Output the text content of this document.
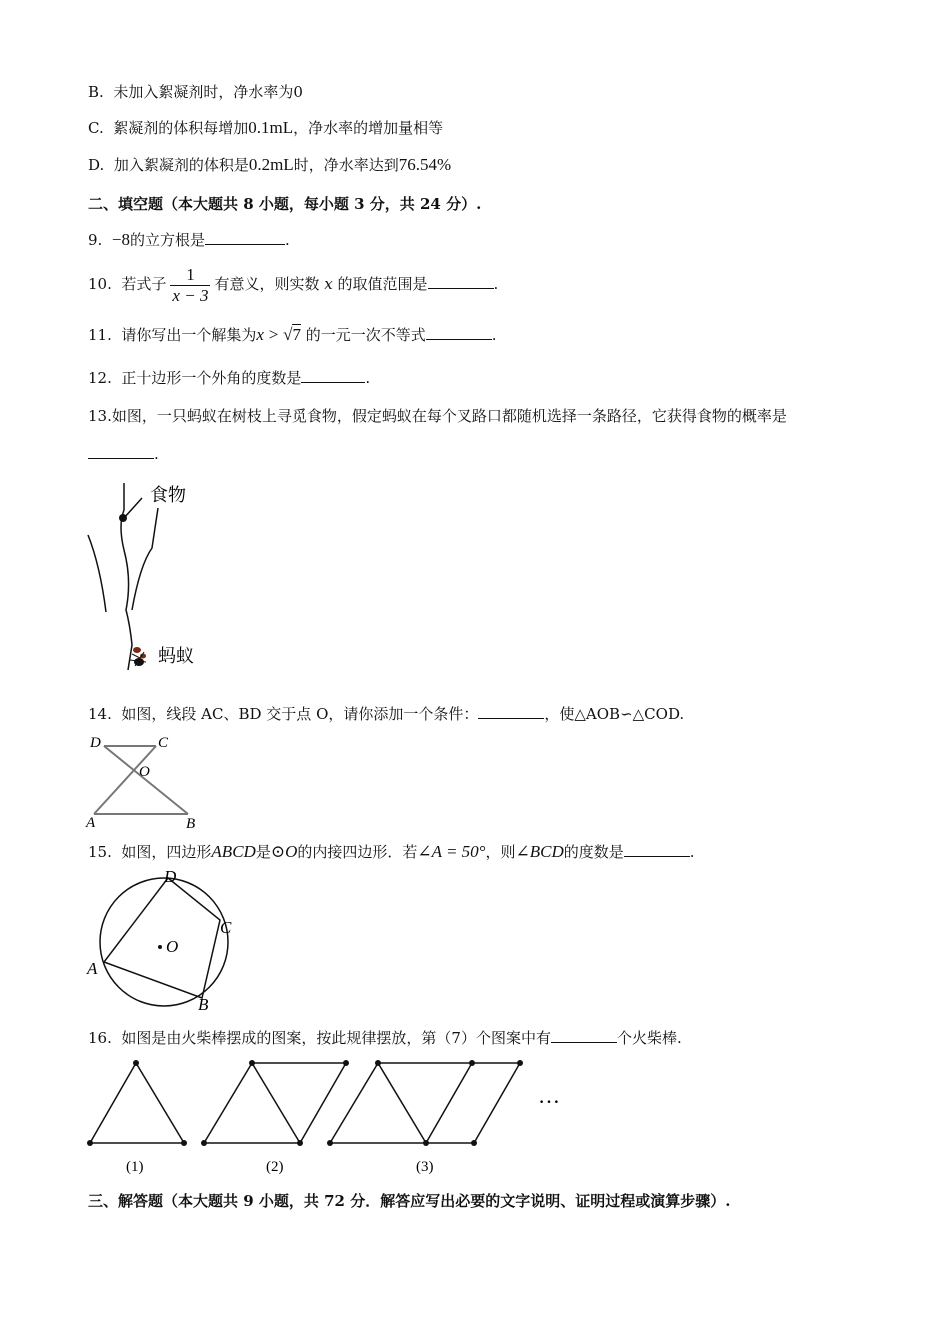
B. 未加入絮凝剂时，净水率为0
C. 絮凝剂的体积每增加0.1mL，净水率的增加量相等
D. 加入絮凝剂的体积是0.2mL时，净水率达到76.54%
二、填空题（本大题共 8 小题，每小题 3 分，共 24 分）.
9. −8的立方根是	.
10. 若式子 $\frac{1}{x - 3}$ 有意义，则实数 x 的取值范围是	.
11. 请你写出一个解集为x > √7 的一元一次不等式	.
12. 正十边形一个外角的度数是	.
13.如图，一只蚂蚁在树枝上寻觅食物，假定蚂蚁在每个叉路口都随机选择一条路径，它获得食物的概率是
.
食物
蚂蚁
14. 如图，线段 AC、BD 交于点 O，请你添加一个条件：	，使△AOB∽△COD.
D	C
O
A	B
15. 如图，四边形ABCD是⊙O的内接四边形．若∠A = 50°，则∠BCD的度数是	.
D
C
O
A
B
16. 如图是由火柴棒摆成的图案，按此规律摆放，第（7）个图案中有	个火柴棒.
…
(1)	(2)	(3)
三、解答题（本大题共 9 小题，共 72 分．解答应写出必要的文字说明、证明过程或演算步骤）.
